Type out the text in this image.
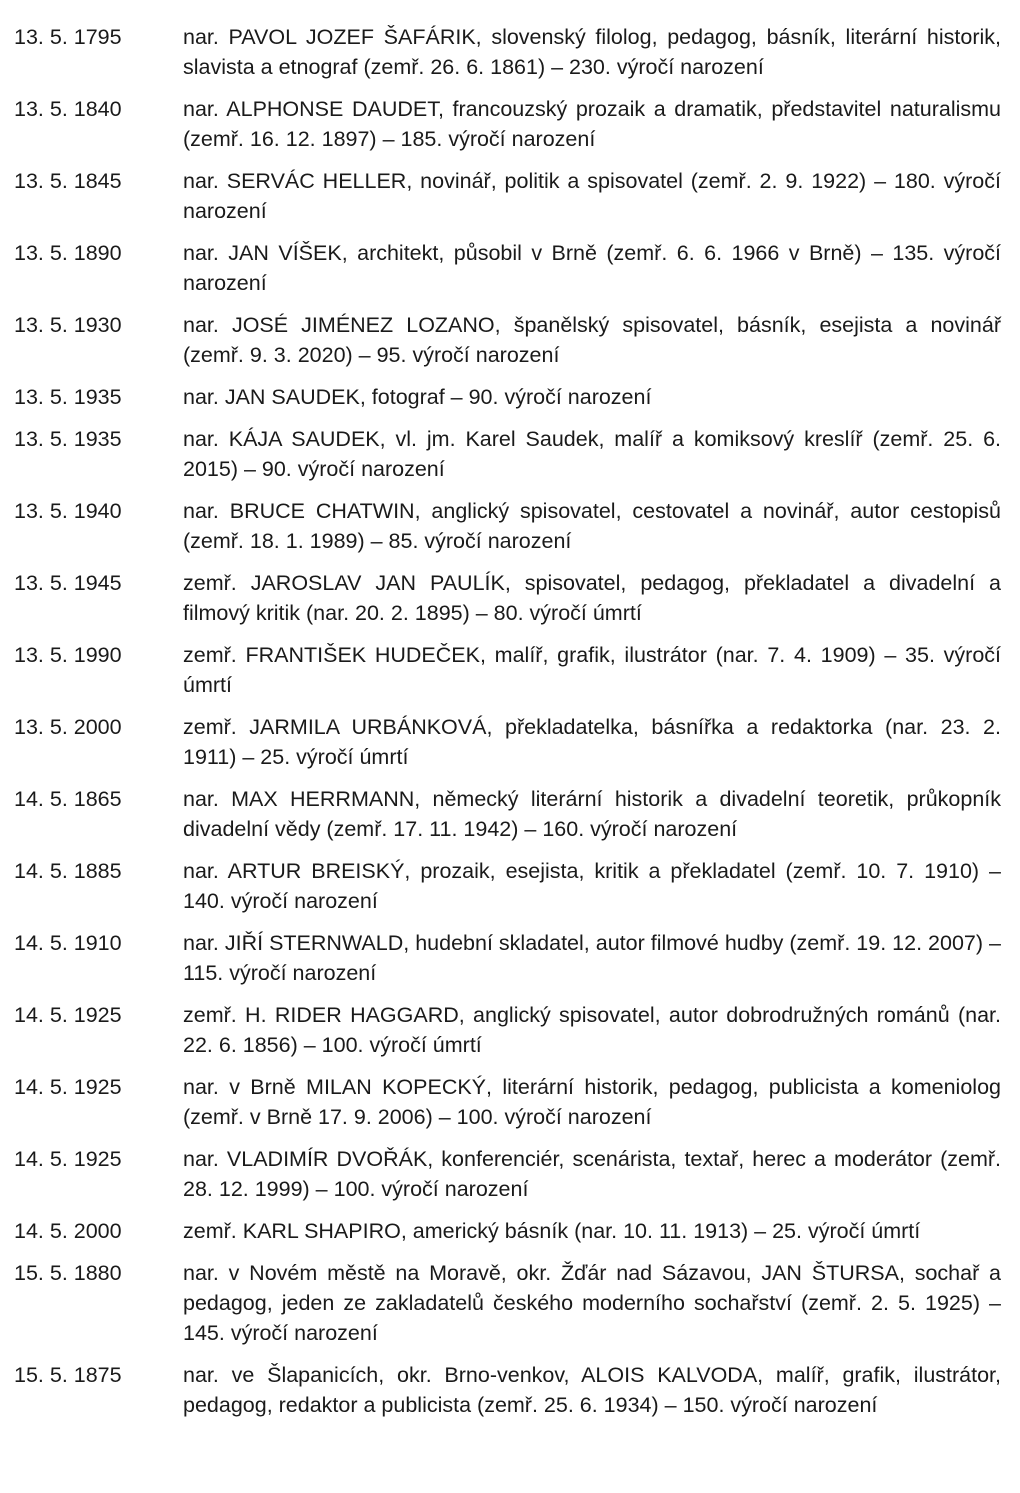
13. 5. 1795	nar. PAVOL JOZEF ŠAFÁRIK, slovenský filolog, pedagog, básník, literární historik, slavista a etnograf (zemř. 26. 6. 1861) – 230. výročí narození
13. 5. 1840	nar. ALPHONSE DAUDET, francouzský prozaik a dramatik, představitel naturalismu (zemř. 16. 12. 1897) – 185. výročí narození
13. 5. 1845	nar. SERVÁC HELLER, novinář, politik a spisovatel (zemř. 2. 9. 1922) – 180. výročí narození
13. 5. 1890	nar. JAN VÍŠEK, architekt, působil v Brně (zemř. 6. 6. 1966 v Brně) – 135. výročí narození
13. 5. 1930	nar. JOSÉ JIMÉNEZ LOZANO, španělský spisovatel, básník, esejista a novinář (zemř. 9. 3. 2020) – 95. výročí narození
13. 5. 1935	nar. JAN SAUDEK, fotograf – 90. výročí narození
13. 5. 1935	nar. KÁJA SAUDEK, vl. jm. Karel Saudek, malíř a komiksový kreslíř (zemř. 25. 6. 2015) – 90. výročí narození
13. 5. 1940	nar. BRUCE CHATWIN, anglický spisovatel, cestovatel a novinář, autor cestopisů (zemř. 18. 1. 1989) – 85. výročí narození
13. 5. 1945	zemř. JAROSLAV JAN PAULÍK, spisovatel, pedagog, překladatel a divadelní a filmový kritik (nar. 20. 2. 1895) – 80. výročí úmrtí
13. 5. 1990	zemř. FRANTIŠEK HUDEČEK, malíř, grafik, ilustrátor (nar. 7. 4. 1909) – 35. výročí úmrtí
13. 5. 2000	zemř. JARMILA URBÁNKOVÁ, překladatelka, básnířka a redaktorka (nar. 23. 2. 1911) – 25. výročí úmrtí
14. 5. 1865	nar. MAX HERRMANN, německý literární historik a divadelní teoretik, průkopník divadelní vědy (zemř. 17. 11. 1942) – 160. výročí narození
14. 5. 1885	nar. ARTUR BREISKÝ, prozaik, esejista, kritik a překladatel (zemř. 10. 7. 1910) – 140. výročí narození
14. 5. 1910	nar. JIŘÍ STERNWALD, hudební skladatel, autor filmové hudby (zemř. 19. 12. 2007) – 115. výročí narození
14. 5. 1925	zemř. H. RIDER HAGGARD, anglický spisovatel, autor dobrodružných románů (nar. 22. 6. 1856) – 100. výročí úmrtí
14. 5. 1925	nar. v Brně MILAN KOPECKÝ, literární historik, pedagog, publicista a komeniolog (zemř. v Brně 17. 9. 2006) – 100. výročí narození
14. 5. 1925	nar. VLADIMÍR DVOŘÁK, konferenciér, scenárista, textař, herec a moderátor (zemř. 28. 12. 1999) – 100. výročí narození
14. 5. 2000	zemř. KARL SHAPIRO, americký básník (nar. 10. 11. 1913) – 25. výročí úmrtí
15. 5. 1880	nar. v Novém městě na Moravě, okr. Žďár nad Sázavou, JAN ŠTURSA, sochař a pedagog, jeden ze zakladatelů českého moderního sochařství (zemř. 2. 5. 1925) – 145. výročí narození
15. 5. 1875	nar. ve Šlapanicích, okr. Brno-venkov, ALOIS KALVODA, malíř, grafik, ilustrátor, pedagog, redaktor a publicista (zemř. 25. 6. 1934) – 150. výročí narození
